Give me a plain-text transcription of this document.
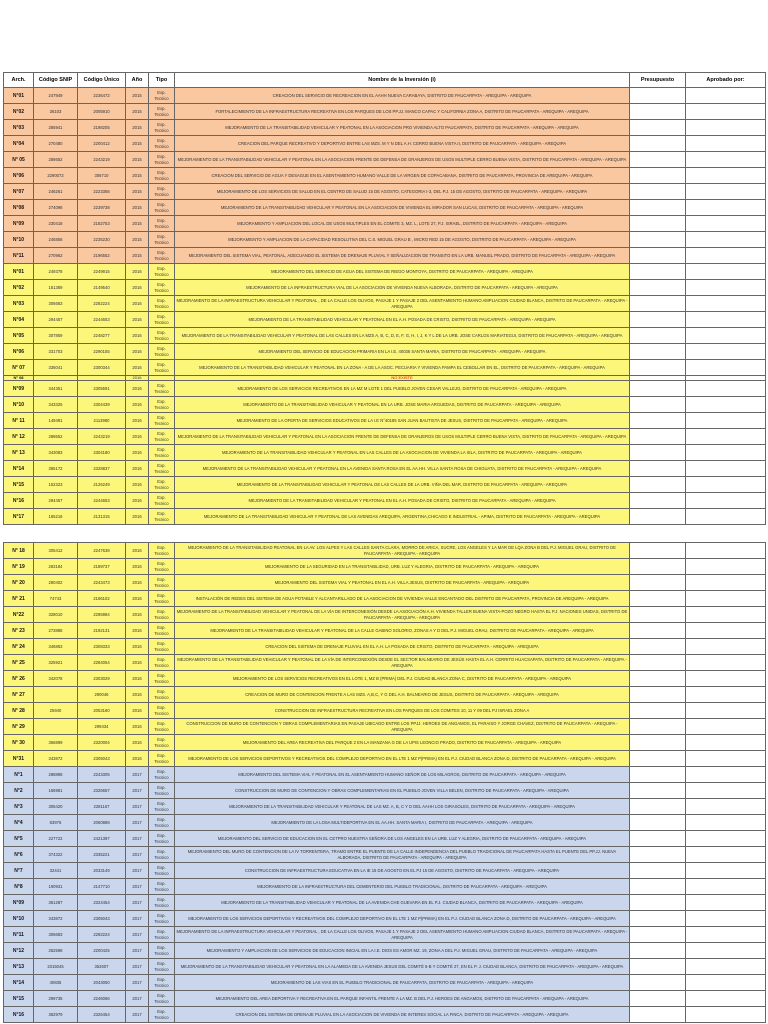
Arch.	Código SNIP	Código Único	Año	Tipo	Nombre de la Inversión (i)	Presupuesto	Aprobado por:
N°01	247949	2236472	2015	Exp. Tecnico	CREACION DEL SERVICIO DE RECREACION EN EL AAHH NUEVA CARABAYA, DISTRITO DE PAUCARPATA - AREQUIPA - AREQUIPA		
N°02	36103	2005910	2015	Exp. Tecnico	FORTALECIMIENTO DE LA INFRAESTRUCTURA RECREATIVA EN LOS PARQUES DE LOS PP.JJ. MANCO CAPAC Y CALIFORNIA ZONA A, DISTRITO DE PAUCARPATA - AREQUIPA - AREQUIPA		
N°03	285941	2198205	2015	Exp. Tecnico	MEJORAMIENTO DE LA TRANSITABILIDAD VEHICULAR Y PEATONAL EN LA ASOCIACION PRO VIVIENDA ALTO PAUCARPATA, DISTRITO DE PAUCARPATA - AREQUIPA - AREQUIPA		
N°04	270480	2200412	2015	Exp. Tecnico	CREACION DEL PARQUE RECREATIVO Y DEPORTIVO ENTRE LAS MZS. M Y N DEL A.H. CERRO BUENA VISTA II, DISTRITO DE PAUCARPATA - AREQUIPA - AREQUIPA		
N° 05	288652	2243219	2015	Exp. Tecnico	MEJORAMIENTO DE LA TRANSITABILIDAD VEHICULAR Y PEATONAL EN LA ASOCIACION FRENTE DE DEFENSA DE GRANJEROS DE USOS MULTIPLE CERRO BUENA VISTA, DISTRITO DE PAUCARPATA - AREQUIPA - AREQUIPA		
N°06	2290072	306710	2015	Exp. Tecnico	CREACION DEL SERVICIO DE AGUA Y DESAGUE EN EL ASENTAMIENTO HUMANO VALLE DE LA VIRGEN DE COPACABANA, DISTRITO DE PAUCARPATA, PROVINCIA DE AREQUIPA - AREQUIPA		
N°07	246261	2223356	2015	Exp. Tecnico	MEJORAMIENTO DE LOS SERVICIOS DE SALUD EN EL CENTRO DE SALUD 15 DE AGOSTO, CATEGORIA I-3, DEL P.J. 15 DE AGOSTO, DISTRITO DE PAUCARPATA - AREQUIPA - AREQUIPA		
N°08	274096	2239738	2015	Exp. Tecnico	MEJORAMIENTO DE LA TRANSITABILIDAD VEHICULAR Y PEATONAL EN LA ASOCIACION DE VIVIENDA EL MIRADOR SAN LUCAS, DISTRITO DE PAUCARPATA - AREQUIPA - AREQUIPA		
N°09	230418	2182753	2015	Exp. Tecnico	MEJORAMIENTO Y AMPLIACION DEL LOCAL DE USOS MULTIPLES EN EL COMITE 3, MZ. L, LOTE 27, P.J. ISRAEL, DISTRITO DE PAUCARPATA - AREQUIPA - AREQUIPA		
N°10	246856	2235230	2015	Exp. Tecnico	MEJORAMIENTO Y AMPLIACION DE LA CAPACIDAD RESOLUTIVA DEL C.S. MIGUEL GRAU B , MICRO RED 15 DE AGOSTO, DISTRITO DE PAUCARPATA - AREQUIPA - AREQUIPA		
N°11	270962	2196552	2015	Exp. Tecnico	MEJORAMIENTO DEL SISTEMA VIAL, PEATONAL, ADECUANDO EL SISTEMA DE DRENAJE PLUVIAL Y SEÑALIZACION DE TRANSITO EN LA URB. MANUEL PRADO, DISTRITO DE PAUCARPATA - AREQUIPA - AREQUIPA		
N°01	249378	2249915	2016	Exp. Tecnico	MEJORAMIENTO DEL SERVICIO DE AGUA DEL SISTEMA DE RIEGO MONTOYA, DISTRITO DE PAUCARPATA - AREQUIPA - AREQUIPA		
N°02	161389	2149540	2016	Exp. Tecnico	MEJORAMIENTO DE LA INFRAESTRUCTURA VIAL DE LA ASOCIACION DE VIVIENDA NUEVA ALBORADA, DISTRITO DE PAUCARPATA - AREQUIPA - AREQUIPA		
N°03	306683	2282224	2016	Exp. Tecnico	MEJORAMIENTO DE LA INFRAESTRUCTURA VEHICULAR Y PEATONAL , DE LA CALLE LOS OLIVOS, PASAJE 1 Y PASAJE 2 DEL ASENTAMIENTO HUMANO AMPLIACION CIUDAD BLANCA, DISTRITO DE PAUCARPATA - AREQUIPA - AREQUIPA		
N°04	294457	2244653	2016	Exp. Tecnico	MEJORAMIENTO DE LA TRANSITABILIDAD VEHICULAR Y PEATONAL EN EL A.H. POSADA DE CRISTO, DISTRITO DE PAUCARPATA - AREQUIPA - AREQUIPA		
N°05	307859	2248277	2016	Exp. Tecnico	MEJORAMIENTO DE LA TRANSITABILIDAD VEHICULAR Y PEATONAL DE LAS CALLES EN LA MZS A, B, C, D, E, F, G, H, I, J, K Y L DE LA URB. JOSE CARLOS MARIATEGUI, DISTRITO DE PAUCARPATA - AREQUIPA - AREQUIPA		
N°06	331703	2290155	2016	Exp. Tecnico	MEJORAMIENTO DEL SERVICIO DE EDUCACION PRIMARIA EN LA I.E. 40036 SANTA MARIA, DISTRITO DE PAUCARPATA - AREQUIPA - AREQUIPA		
N° 07	336041	2300344	2016	Exp. Tecnico	MEJORAMIENTO DE LA TRANSITABILIDAD VEHICULAR Y PEATONAL EN LA ZONA - A DE LA ASOC. PECUARIA Y VIVIENDA PAMPA EL CEBOLLAR EN EL, DISTRITO DE PAUCARPATA - AREQUIPA - AREQUIPA		
N° 08			2016		NO EXISTE		
N°09	344351	2305591	2016	Exp. Tecnico	MEJORAMIENTO DE LOS SERVICIOS RECREATIVOS EN LA MZ M LOTE 1 DEL PUEBLO JOVEN CESAR VALLEJO, DISTRITO DE PAUCARPATA - AREQUIPA - AREQUIPA		
N°10	343325	2304439	2016	Exp. Tecnico	MEJORAMIENTO DE LA TRANSITABILIDAD VEHICULAR Y PEATONAL EN LA URB. JOSE MARIA ARGUEDAS, DISTRITO DE PAUCARPATA - AREQUIPA - AREQUIPA		
N° 11	149491	2113980	2016	Exp. Tecnico	MEJORAMIENTO DE LA OFERTA DE SERVICIOS EDUCATIVOS DE LA I.E N°40185 SAN JUAN BAUTISTA DE JESUS, DISTRITO DE PAUCARPATA - AREQUIPA - AREQUIPA		
N° 12	288652	2243219	2016	Exp. Tecnico	MEJORAMIENTO DE LA TRANSITABILIDAD VEHICULAR Y PEATONAL EN LA ASOCIACION FRENTE DE DEFENSA DE GRANJEROS DE USOS MULTIPLE CERRO BUENA VISTA, DISTRITO DE PAUCARPATA - AREQUIPA - AREQUIPA		
N° 13	343083	2304180	2016	Exp. Tecnico	MEJORAMIENTO DE LA TRANSITABILIDAD VEHICULAR Y PEATONAL EN LAS CALLES DE LA ASOCIACION DE VIVIENDA LA ISLA, DISTRITO DE PAUCARPATA - AREQUIPA - AREQUIPA		
N°14	365172	2328837	2016	Exp. Tecnico	MEJORAMIENTO DE LA TRANSITABILIDAD VEHICULAR Y PEATONAL EN LA AVENIDA SANTA ROSA EN EL AA.HH. VILLA SANTA ROSA DE CHIGUATA, DISTRITO DE PAUCARPATA - AREQUIPA - AREQUIPA		
N°15	152323	2126249	2016	Exp. Tecnico	MEJORAMIENTO DE LA TRANSITABILIDAD VEHICULAR Y PEATONAL DE LAS CALLES DE LA URB. VIÑA DEL MAR, DISTRITO DE PAUCARPATA - AREQUIPA - AREQUIPA		
N°16	294457	2244653	2016	Exp. Tecnico	MEJORAMIENTO DE LA TRANSITABILIDAD VEHICULAR Y PEATONAL EN EL A.H. POSADA DE CRISTO, DISTRITO DE PAUCARPATA - AREQUIPA - AREQUIPA		
N°17	165216	2131315	2016	Exp. Tecnico	MEJORAMIENTO DE LA TRANSITABILIDAD VEHICULAR Y PEATONAL DE LAS AVENIDAS AREQUIPA, ARGENTINA,CHICAGO E INDUSTRIAL - APIMA, DISTRITO DE PAUCARPATA - AREQUIPA - AREQUIPA		
N° 18	305412	2247638	2016	Exp. Tecnico	MEJORAMIENTO DE LA TRANSITABILIDAD PEATONAL EN LA AV. LOS ALPES Y LAS CALLES SANTA CLARA, MORRO DE ARICA, SUCRE, LOS ANGELES Y LA MAR DE LQA ZONA B DEL P.J. MIGUEL GRAU, DISTRITO DE PAUCARPATA - AREQUIPA - AREQUIPA		
N° 19	283184	2189737	2016	Exp. Tecnico	MEJORAMIENTO DE LA SEGURIDAD EN LA TRANSITABILIDAD, URB. LUZ Y ALEGRIA, DISTRITO DE PAUCARPATA - AREQUIPA - AREQUIPA		
N° 20	280402	2243473	2016	Exp. Tecnico	MEJORAMIENTO DEL SISTEMA VIAL Y PEATONAL EN EL A.H. VILLA JESUS, DISTRITO DE PAUCARPATA - AREQUIPA - AREQUIPA		
N° 21	74743	2166102	2016	Exp. Tecnico	INSTALACIÓN DE REDES DEL SISTEMA DE AGUA POTABLE Y ALCANTARILLADO DE LA ASOCIACION DE VIVIENDA VALLE ENCANTADO DEL DISTRITO DE PAUCARPATA, PROVINCIA DE AREQUIPA - AREQUIPA		
N°22	328010	2285984	2016	Exp. Tecnico	MEJORAMIENTO DE LA TRANSITABILIDAD VEHICULAR Y PEATONAL DE LA VÍA DE INTERCONEXIÓN DESDE LA ASOCIACIÓN A.H. VIVIENDA TALLER BUENA VISTA-POZO NEGRO HASTA EL P.J. NACIONES UNIDAS, DISTRITO DE PAUCARPATA - AREQUIPA - AREQUIPA		
N° 23	273888	2192131	2016	Exp. Tecnico	MEJORAMIENTO DE LA TRANSITABILIDAD VEHICULAR Y PEATONAL DE LA CALLE GABINO SOLORIO, ZONAS A Y D DEL P.J. MIGUEL GRAU, DISTRITO DE PAUCARPATA - AREQUIPA - AREQUIPA		
N° 24	346863	2308333	2016	Exp. Tecnico	CREACION DEL SISTEMA DE DRENAJE PLUVIAL EN EL A.H. LA POSADA DE CRISTO, DISTRITO DE PAUCARPATA - AREQUIPA - AREQUIPA		
N° 25	325921	2284054	2016	Exp. Tecnico	MEJORAMIENTO DE LA TRANSITABILIDAD VEHICULAR Y PEATONAL DE LA VÍA DE INTERCONEXIÓN DESDE EL SECTOR BALNEARIO DE JESÚS HASTA EL A.H. CERRITO HUACSAPATA, DISTRITO DE PAUCARPATA - AREQUIPA - AREQUIPA		
N° 26	342078	2303029	2016	Exp. Tecnico	MEJORAMIENTO DE LOS SERVICIOS RECREATIVOS EN EL LOTE 1, MZ B (PRIMA) DEL P.J. CIUDAD BLANCA ZONA C, DISTRITO DE PAUCARPATA - AREQUIPA - AREQUIPA		
N° 27		290046	2016	Exp. Tecnico	CREACION DE MURO DE CONTENCION FRENTE A LAS MZS. A,B,C, Y G DEL A.H. BALNEARIO DE JESUS, DISTRITO DE PAUCARPATA - AREQUIPA - AREQUIPA		
N° 28	25940	2053160	2016	Exp. Tecnico	CONSTRUCCION DE INFRAESTRUCTURA RECREATIVA EN LOS PARQUES DE LOS COMITES 10, 11 Y 09 DEL PJ ISRAEL ZONA A		
N° 29		299434	2016	Exp. Tecnico	CONSTRUCCION DE MURO DE CONTENCION Y OBRAS COMPLEMENTARIAS EN PASAJE UBICADO ENTRE LOS PPJJ. HEROES DE ANGAMOS, EL PARAISO Y JORGE CHAVEZ, DISTRITO DE PAUCARPATA - AREQUIPA - AREQUIPA		
N° 30	356899	2320004	2016	Exp. Tecnico	MEJORAMIENTO DEL AREA RECREATIVA DEL PARQUE 2 EN LA MANZANA G DE LA UPIS LEONCIO PRADO, DISTRITO DE PAUCARPATA - AREQUIPA - AREQUIPA		
N°31	343872	2305043	2016	Exp. Tecnico	MEJORAMIENTO DE LOS SERVICIOS DEPORTIVOS Y RECREATIVOS DEL COMPLEJO DEPORTIVO EN EL LTE 1 MZ P(PRIMA) EN EL P.J. CIUDAD BLANCA ZONA D, DISTRITO DE PAUCARPATA - AREQUIPA - AREQUIPA		
N°1	288898	2243305	2017	Exp. Tecnico	MEJORAMIENTO DEL SISTEMA VIAL Y PEATONAL EN EL ASENTAMIENTO HUMANO SEÑOR DE LOS MILAGROS, DISTRITO DE PAUCARPATA - AREQUIPA - AREQUIPA		
N°2	166981	2326657	2017	Exp. Tecnico	CONSTRUCCION DE MURO DE CONTENCION Y OBRAS COMPLEMENTARIAS EN EL PUEBLO JOVEN VILLA BELEN, DISTRITO DE PAUCARPATA - AREQUIPA - AREQUIPA		
N°3	306420	2281167	2017	Exp. Tecnico	MEJORAMIENTO DE LA TRANSITABILIDAD VEHICULAR Y PEATONAL DE LAS MZ. A, B, C Y D DEL AAHH LOS GIRASOLES, DISTRITO DE PAUCARPATA - AREQUIPA - AREQUIPA		
N°4	83976	2060888	2017	Exp. Tecnico	MEJORAMIENTO DE LA LOSA MULTIDEPORTIVA EN EL AA.HH. SANTA MARIA I, DISTRITO DE PAUCARPATA - AREQUIPA - AREQUIPA		
N°5	227722	2421397	2017	Exp. Tecnico	MEJORAMIENTO DEL SERVICIO DE EDUCACION EN EL CETPRO NUESTRA SEÑORA DE LOS ANGELES EN LA URB. LUZ Y ALEGRIA, DISTRITO DE PAUCARPATA - AREQUIPA - AREQUIPA		
N°6	374322	2335221	2017	Exp. Tecnico	MEJORAMIENTO DEL MURO DE CONTENCION DE LA IV TORRENTERA, TRAMO ENTRE EL PUENTE DE LA CALLE INDEPENDENCIA DEL PUEBLO TRADICIONAL DE PAUCARPATA HASTA EL PUENTE DEL PP.JJ. NUEVA ALBORADA, DISTRITO DE PAUCARPATA - AREQUIPA - AREQUIPA		
N°7	32441	2033149	2017	Exp. Tecnico	CONSTRUCCION DE INFRAESTRUCTURA EDUCATIVA EN LA IE 15 DE AGOSTO EN EL PJ 15 DE AGOSTO, DISTRITO DE PAUCARPATA - AREQUIPA - AREQUIPA		
N°8	190931	2147710	2017	Exp. Tecnico	MEJORAMIENTO DE LA INFRAESTRUCTURA DEL CEMENTERIO DEL PUEBLO TRADICIONAL, DISTRITO DE PAUCARPATA - AREQUIPA - AREQUIPA		
N°09	361287	2324454	2017	Exp. Tecnico	MEJORAMIENTO DE LA TRANSITABILIDAD VEHICULAR Y PEATONAL DE LA AVENIDA CHE GUEVARA EN EL P.J. CIUDAD BLANCA, DISTRITO DE PAUCARPATA - AREQUIPA - AREQUIPA		
N°10	343872	2305043	2017	Exp. Tecnico	MEJORAMIENTO DE LOS SERVICIOS DEPORTIVOS Y RECREATIVOS DEL COMPLEJO DEPORTIVO EN EL LTE 1 MZ P(PRIMA) EN EL P.J. CIUDAD BLANCA ZONA D, DISTRITO DE PAUCARPATA - AREQUIPA - AREQUIPA		
N°11	306683	2282224	2017	Exp. Tecnico	MEJORAMIENTO DE LA INFRAESTRUCTURA VEHICULAR Y PEATONAL , DE LA CALLE LOS OLIVOS, PASAJE 1 Y PASAJE 2 DEL ASENTAMIENTO HUMANO AMPLIACION CIUDAD BLANCA, DISTRITO DE PAUCARPATA - AREQUIPA - AREQUIPA		
N°12	262598	2200425	2017	Exp. Tecnico	MEJORAMIENTO Y AMPLIACION DE LOS SERVICIOS DE EDUCACION INICIAL EN LA I.E. DIOS ES AMOR MZ. 19, ZONA A DEL P.J. MIGUEL GRAU, DISTRITO DE PAUCARPATA - AREQUIPA - AREQUIPA		
N°13	2315045	352607	2017	Exp. Tecnico	MEJORAMIENTO DE LA TRANSITABILIDAD VEHICULAR Y PEATONAL EN LA ALAMEDA DE LA AVENIDA JESUS DEL COMITÉ 6-B Y COMITÉ 27, EN EL P. J. CIUDAD BLANCA, DISTRITO DE PAUCARPATA - AREQUIPA - AREQUIPA		
N°14	40835	2043050	2017	Exp. Tecnico	MEJORAMIENTO DE LAS VIAS EN EL PUEBLO TRADICIONAL DE PAUCARPATA, DISTRITO DE PAUCARPATA - AREQUIPA - AREQUIPA		
N°15	299735	2246066	2017	Exp. Tecnico	MEJORAMIENTO DEL AREA DEPORTIVA Y RECREATIVA EN EL PARQUE INFANTIL FRENTE A LA MZ. B DEL P.J. HEROES DE ANGAMOS, DISTRITO DE PAUCARPATA - AREQUIPA - AREQUIPA		
N°16	362979	2326454	2017	Exp. Tecnico	CREACION DEL SISTEMA DE DRENAJE PLUVIAL EN LA ASOCIACION DE VIVIENDA DE INTERES SOCIAL LA FINCA, DISTRITO DE PAUCARPATA - AREQUIPA - AREQUIPA		
